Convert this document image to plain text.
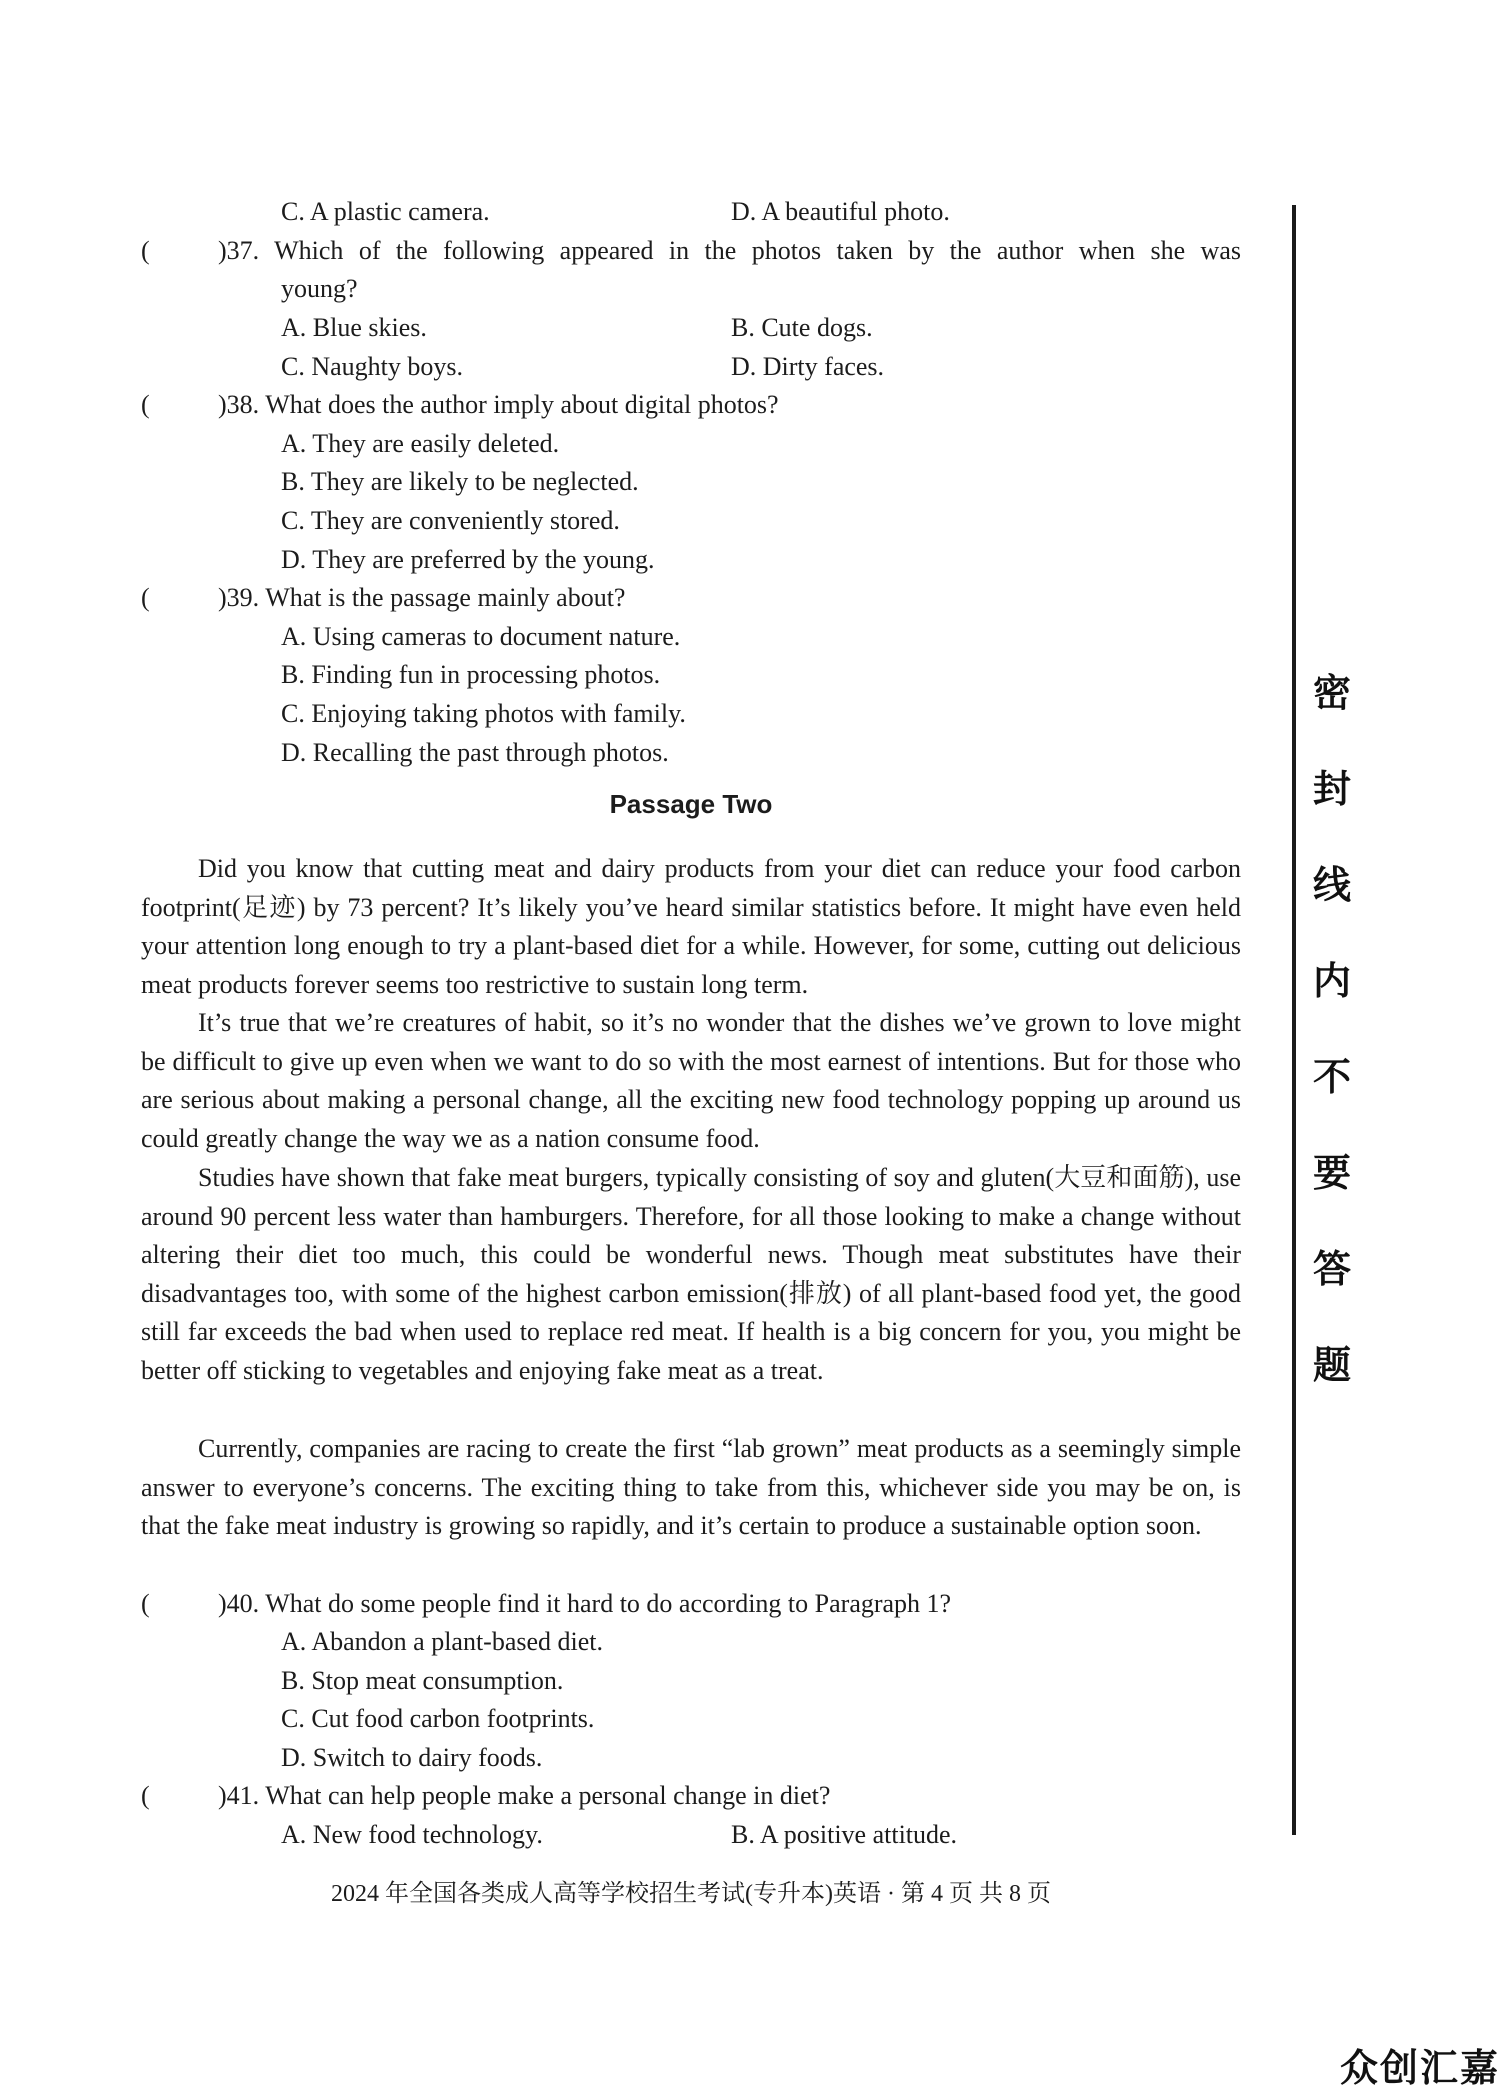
C. A plastic camera.	D. A beautiful photo.
(	)37. Which of the following appeared in the photos taken by the author when she was
young?
A. Blue skies.	B. Cute dogs.
C. Naughty boys.	D. Dirty faces.
(	)38. What does the author imply about digital photos?
A. They are easily deleted.
B. They are likely to be neglected.
C. They are conveniently stored.
D. They are preferred by the young.
(	)39. What is the passage mainly about?
A. Using cameras to document nature.
B. Finding fun in processing photos.
C. Enjoying taking photos with family.
D. Recalling the past through photos.
Passage Two
Did you know that cutting meat and dairy products from your diet can reduce your food carbon footprint(足迹) by 73 percent? It’s likely you’ve heard similar statistics before. It might have even held your attention long enough to try a plant-based diet for a while. However, for some, cutting out delicious meat products forever seems too restrictive to sustain long term.
It’s true that we’re creatures of habit, so it’s no wonder that the dishes we’ve grown to love might be difficult to give up even when we want to do so with the most earnest of intentions. But for those who are serious about making a personal change, all the exciting new food technology popping up around us could greatly change the way we as a nation consume food.
Studies have shown that fake meat burgers, typically consisting of soy and gluten(大豆和面筋), use around 90 percent less water than hamburgers. Therefore, for all those looking to make a change without altering their diet too much, this could be wonderful news. Though meat substitutes have their disadvantages too, with some of the highest carbon emission(排放) of all plant-based food yet, the good still far exceeds the bad when used to replace red meat. If health is a big concern for you, you might be better off sticking to vegetables and enjoying fake meat as a treat.
Currently, companies are racing to create the first “lab grown” meat products as a seemingly simple answer to everyone’s concerns. The exciting thing to take from this, whichever side you may be on, is that the fake meat industry is growing so rapidly, and it’s certain to produce a sustainable option soon.
(	)40. What do some people find it hard to do according to Paragraph 1?
A. Abandon a plant-based diet.
B. Stop meat consumption.
C. Cut food carbon footprints.
D. Switch to dairy foods.
(	)41. What can help people make a personal change in diet?
A. New food technology.	B. A positive attitude.
密
封
线
内
不
要
答
题
2024 年全国各类成人高等学校招生考试(专升本)英语 · 第 4 页 共 8 页
众创汇嘉
